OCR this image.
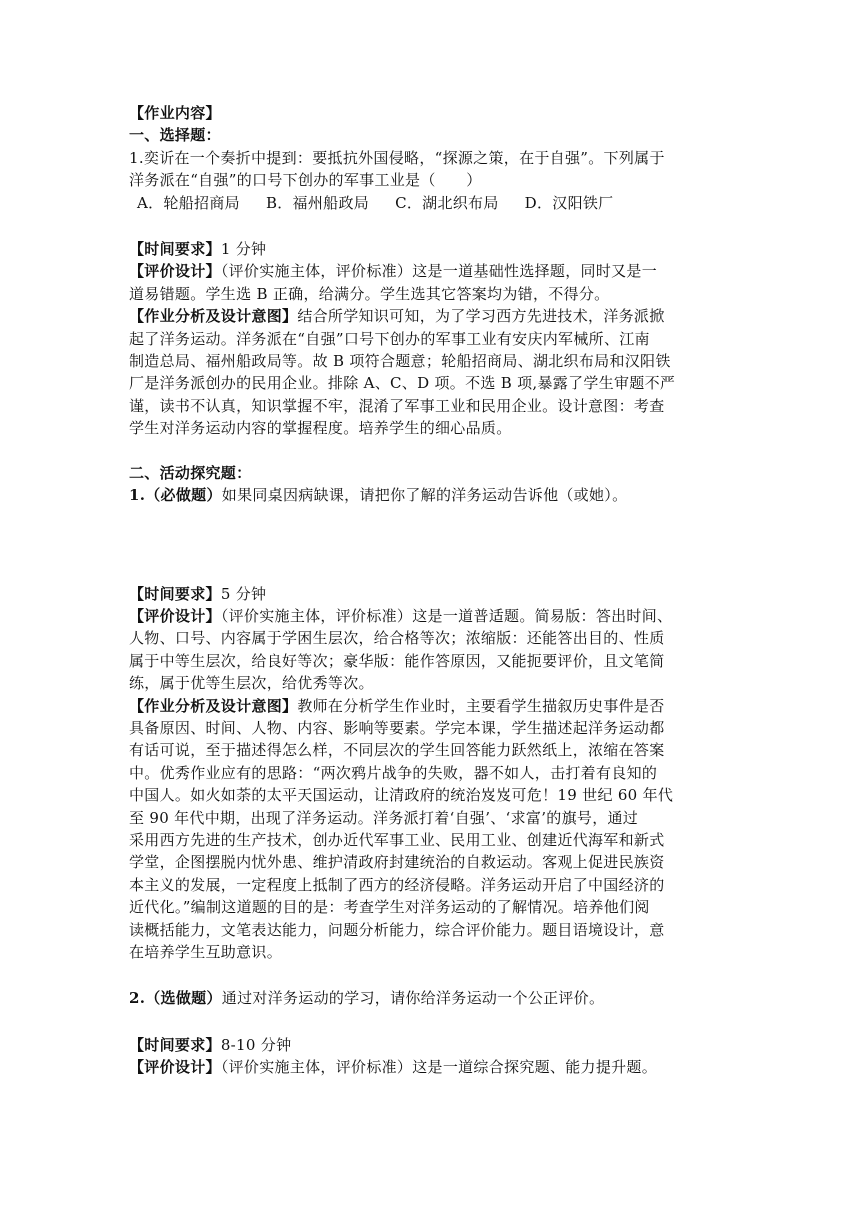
【作业内容】

一、选择题：

1.奕䜣在一个奏折中提到：要抵抗外国侵略，“探源之策，在于自强”。下列属于

洋务派在“自强”的口号下创办的军事工业是（　　）

A．轮船招商局 B．福州船政局 C．湖北织布局 D．汉阳铁厂

【时间要求】1 分钟

【评价设计】（评价实施主体，评价标准）这是一道基础性选择题，同时又是一

道易错题。学生选 B 正确，给满分。学生选其它答案均为错，不得分。

【作业分析及设计意图】结合所学知识可知，为了学习西方先进技术，洋务派掀

起了洋务运动。洋务派在“自强”口号下创办的军事工业有安庆内军械所、江南

制造总局、福州船政局等。故 B 项符合题意；轮船招商局、湖北织布局和汉阳铁

厂是洋务派创办的民用企业。排除 A、C、D 项。不选 B 项,暴露了学生审题不严

谨，读书不认真，知识掌握不牢，混淆了军事工业和民用企业。设计意图：考查

学生对洋务运动内容的掌握程度。培养学生的细心品质。

二、活动探究题：

1.（必做题）如果同桌因病缺课，请把你了解的洋务运动告诉他（或她）。

【时间要求】5 分钟

【评价设计】（评价实施主体，评价标准）这是一道普适题。简易版：答出时间、

人物、口号、内容属于学困生层次，给合格等次；浓缩版：还能答出目的、性质

属于中等生层次，给良好等次；豪华版：能作答原因，又能扼要评价，且文笔简

练，属于优等生层次，给优秀等次。

【作业分析及设计意图】教师在分析学生作业时，主要看学生描叙历史事件是否

具备原因、时间、人物、内容、影响等要素。学完本课，学生描述起洋务运动都

有话可说，至于描述得怎么样，不同层次的学生回答能力跃然纸上，浓缩在答案

中。优秀作业应有的思路：“两次鸦片战争的失败，器不如人，击打着有良知的

中国人。如火如荼的太平天国运动，让清政府的统治岌岌可危！19 世纪 60 年代

至 90 年代中期，出现了洋务运动。洋务派打着‘自强’、‘求富’的旗号，通过

采用西方先进的生产技术，创办近代军事工业、民用工业、创建近代海军和新式

学堂，企图摆脱内忧外患、维护清政府封建统治的自救运动。客观上促进民族资

本主义的发展，一定程度上抵制了西方的经济侵略。洋务运动开启了中国经济的

近代化。”编制这道题的目的是：考查学生对洋务运动的了解情况。培养他们阅

读概括能力，文笔表达能力，问题分析能力，综合评价能力。题目语境设计，意

在培养学生互助意识。

2.（选做题）通过对洋务运动的学习，请你给洋务运动一个公正评价。

【时间要求】8-10 分钟

【评价设计】（评价实施主体，评价标准）这是一道综合探究题、能力提升题。
